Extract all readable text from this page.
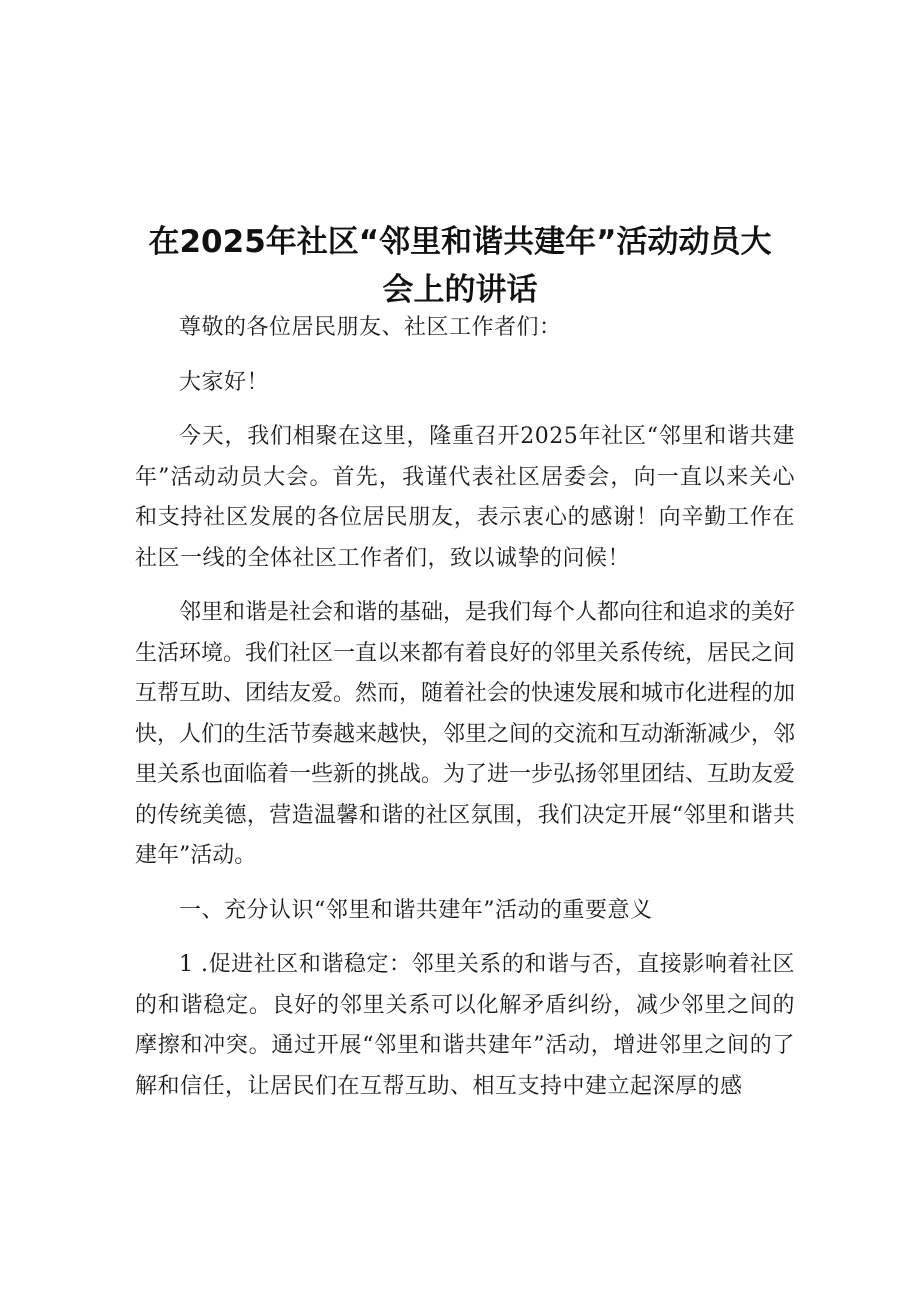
在2025年社区“邻里和谐共建年”活动动员大
会上的讲话

尊敬的各位居民朋友、社区工作者们：

大家好！

今天，我们相聚在这里，隆重召开2025年社区“邻里和谐共建年”活动动员大会。首先，我谨代表社区居委会，向一直以来关心和支持社区发展的各位居民朋友，表示衷心的感谢！向辛勤工作在社区一线的全体社区工作者们，致以诚挚的问候！

邻里和谐是社会和谐的基础，是我们每个人都向往和追求的美好生活环境。我们社区一直以来都有着良好的邻里关系传统，居民之间互帮互助、团结友爱。然而，随着社会的快速发展和城市化进程的加快，人们的生活节奏越来越快，邻里之间的交流和互动渐渐减少，邻里关系也面临着一些新的挑战。为了进一步弘扬邻里团结、互助友爱的传统美德，营造温馨和谐的社区氛围，我们决定开展“邻里和谐共建年”活动。

一、充分认识“邻里和谐共建年”活动的重要意义

1 .促进社区和谐稳定：邻里关系的和谐与否，直接影响着社区的和谐稳定。良好的邻里关系可以化解矛盾纠纷，减少邻里之间的摩擦和冲突。通过开展“邻里和谐共建年”活动，增进邻里之间的了解和信任，让居民们在互帮互助、相互支持中建立起深厚的感
